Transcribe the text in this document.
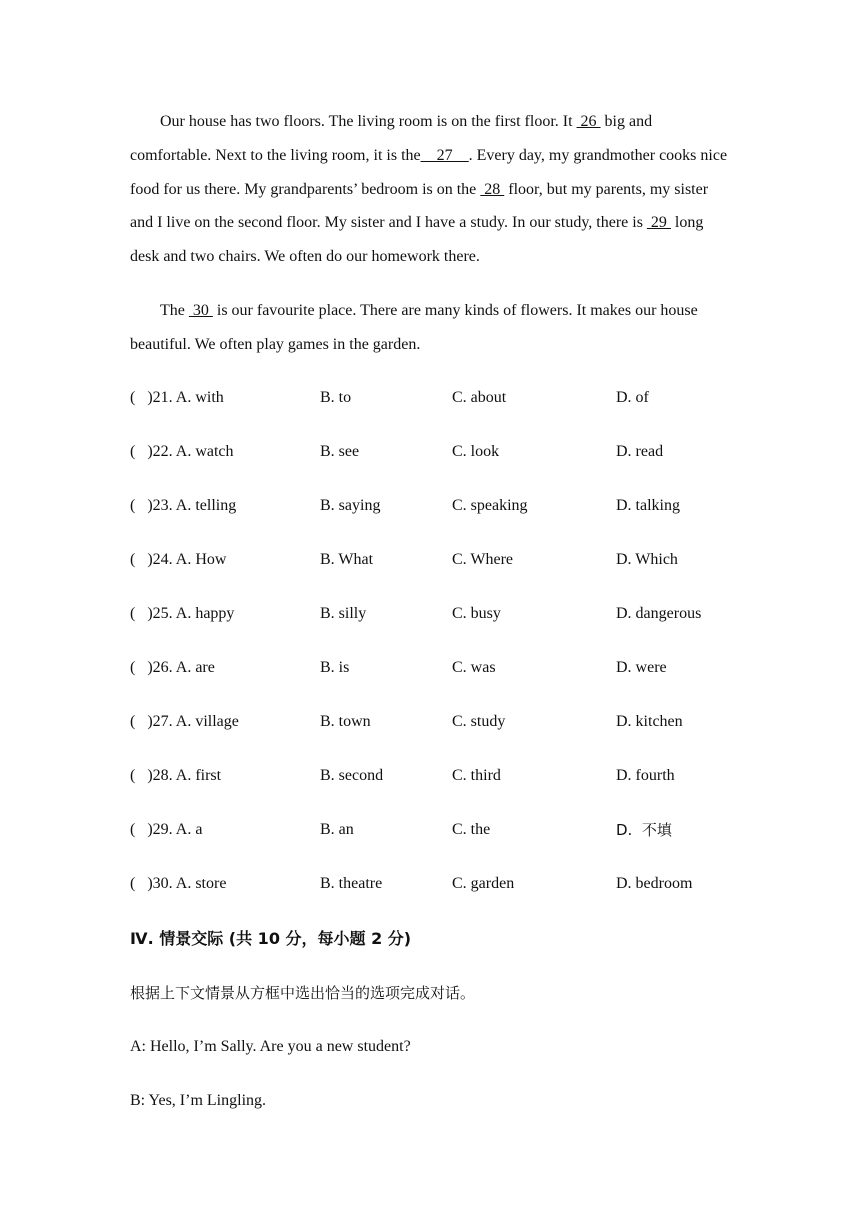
Our house has two floors. The living room is on the first floor. It  26  big and comfortable. Next to the living room, it is the__27__. Every day, my grandmother cooks nice food for us there. My grandparents’ bedroom is on the  28  floor, but my parents, my sister and I live on the second floor. My sister and I have a study. In our study, there is  29  long desk and two chairs. We often do our homework there.
The  30  is our favourite place. There are many kinds of flowers. It makes our house beautiful. We often play games in the garden.
(   )21. A. with	B. to	C. about	D. of
(   )22. A. watch	B. see	C. look	D. read
(   )23. A. telling	B. saying	C. speaking	D. talking
(   )24. A. How	B. What	C. Where	D. Which
(   )25. A. happy	B. silly	C. busy	D. dangerous
(   )26. A. are	B. is	C. was	D. were
(   )27. A. village	B. town	C. study	D. kitchen
(   )28. A. first	B. second	C. third	D. fourth
(   )29. A. a	B. an	C. the	D.  不填
(   )30. A. store	B. theatre	C. garden	D. bedroom
Ⅳ. 情景交际 (共 10 分，每小题 2 分)
根据上下文情景从方框中选出恰当的选项完成对话。
A: Hello, I’m Sally. Are you a new student?
B: Yes, I’m Lingling.
